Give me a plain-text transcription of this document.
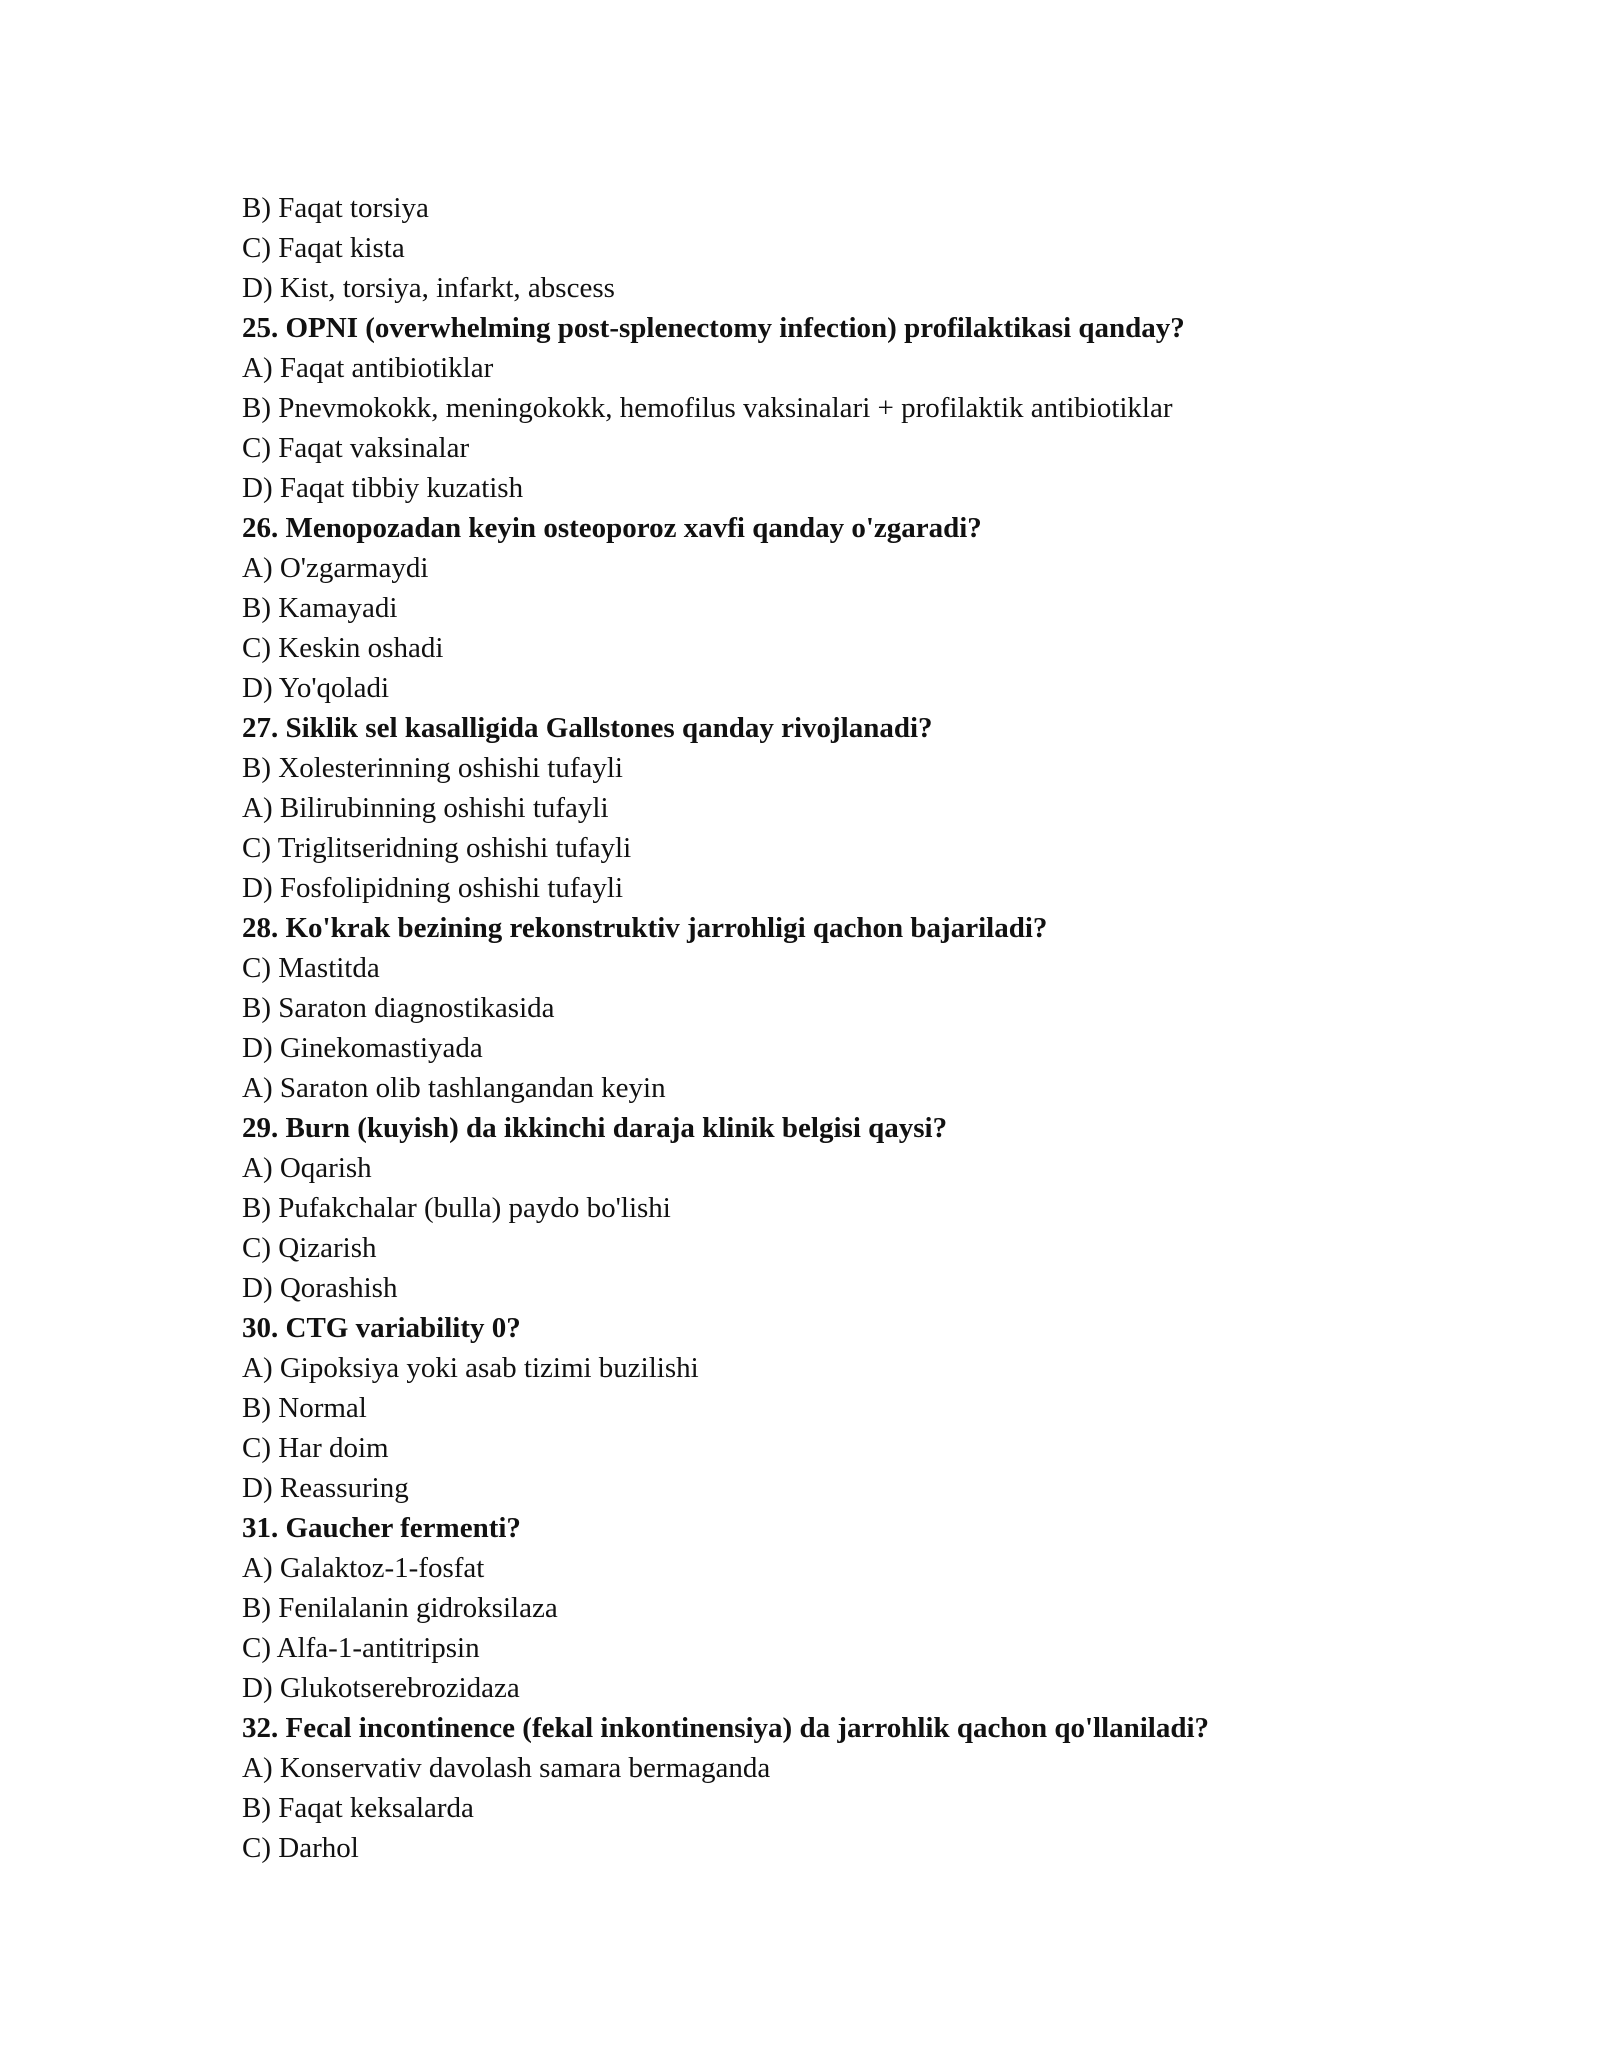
B) Faqat torsiya
C) Faqat kista
D) Kist, torsiya, infarkt, abscess
25. OPNI (overwhelming post-splenectomy infection) profilaktikasi qanday?
A) Faqat antibiotiklar
B) Pnevmokokk, meningokokk, hemofilus vaksinalari + profilaktik antibiotiklar
C) Faqat vaksinalar
D) Faqat tibbiy kuzatish
26. Menopozadan keyin osteoporoz xavfi qanday o'zgaradi?
A) O'zgarmaydi
B) Kamayadi
C) Keskin oshadi
D) Yo'qoladi
27. Siklik sel kasalligida Gallstones qanday rivojlanadi?
B) Xolesterinning oshishi tufayli
A) Bilirubinning oshishi tufayli
C) Triglitseridning oshishi tufayli
D) Fosfolipidning oshishi tufayli
28. Ko'krak bezining rekonstruktiv jarrohligi qachon bajariladi?
C) Mastitda
B) Saraton diagnostikasida
D) Ginekomastiyada
A) Saraton olib tashlangandan keyin
29. Burn (kuyish) da ikkinchi daraja klinik belgisi qaysi?
A) Oqarish
B) Pufakchalar (bulla) paydo bo'lishi
C) Qizarish
D) Qorashish
30. CTG variability 0?
A) Gipoksiya yoki asab tizimi buzilishi
B) Normal
C) Har doim
D) Reassuring
31. Gaucher fermenti?
A) Galaktoz-1-fosfat
B) Fenilalanin gidroksilaza
C) Alfa-1-antitripsin
D) Glukotserebrozidaza
32. Fecal incontinence (fekal inkontinensiya) da jarrohlik qachon qo'llaniladi?
A) Konservativ davolash samara bermaganda
B) Faqat keksalarda
C) Darhol
